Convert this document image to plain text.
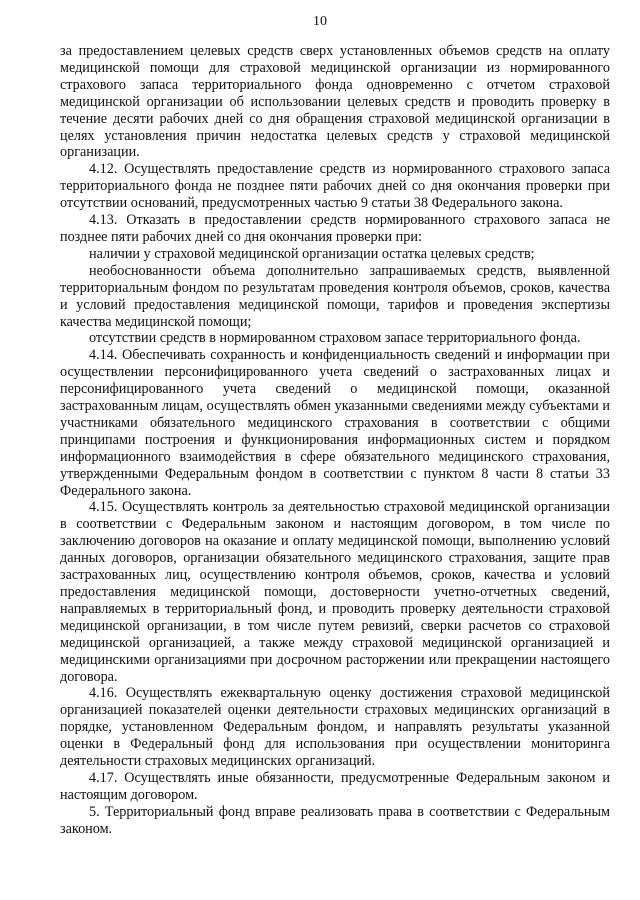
10

за предоставлением целевых средств сверх установленных объемов средств на оплату медицинской помощи для страховой медицинской организации из нормированного страхового запаса территориального фонда одновременно с отчетом страховой медицинской организации об использовании целевых средств и проводить проверку в течение десяти рабочих дней со дня обращения страховой медицинской организации в целях установления причин недостатка целевых средств у страховой медицинской организации.

4.12. Осуществлять предоставление средств из нормированного страхового запаса территориального фонда не позднее пяти рабочих дней со дня окончания проверки при отсутствии оснований, предусмотренных частью 9 статьи 38 Федерального закона.

4.13. Отказать в предоставлении средств нормированного страхового запаса не позднее пяти рабочих дней со дня окончания проверки при:

наличии у страховой медицинской организации остатка целевых средств;

необоснованности объема дополнительно запрашиваемых средств, выявленной территориальным фондом по результатам проведения контроля объемов, сроков, качества и условий предоставления медицинской помощи, тарифов и проведения экспертизы качества медицинской помощи;

отсутствии средств в нормированном страховом запасе территориального фонда.

4.14. Обеспечивать сохранность и конфиденциальность сведений и информации при осуществлении персонифицированного учета сведений о застрахованных лицах и персонифицированного учета сведений о медицинской помощи, оказанной застрахованным лицам, осуществлять обмен указанными сведениями между субъектами и участниками обязательного медицинского страхования в соответствии с общими принципами построения и функционирования информационных систем и порядком информационного взаимодействия в сфере обязательного медицинского страхования, утвержденными Федеральным фондом в соответствии с пунктом 8 части 8 статьи 33 Федерального закона.

4.15. Осуществлять контроль за деятельностью страховой медицинской организации в соответствии с Федеральным законом и настоящим договором, в том числе по заключению договоров на оказание и оплату медицинской помощи, выполнению условий данных договоров, организации обязательного медицинского страхования, защите прав застрахованных лиц, осуществлению контроля объемов, сроков, качества и условий предоставления медицинской помощи, достоверности учетно-отчетных сведений, направляемых в территориальный фонд, и проводить проверку деятельности страховой медицинской организации, в том числе путем ревизий, сверки расчетов со страховой медицинской организацией, а также между страховой медицинской организацией и медицинскими организациями при досрочном расторжении или прекращении настоящего договора.

4.16. Осуществлять ежеквартальную оценку достижения страховой медицинской организацией показателей оценки деятельности страховых медицинских организаций в порядке, установленном Федеральным фондом, и направлять результаты указанной оценки в Федеральный фонд для использования при осуществлении мониторинга деятельности страховых медицинских организаций.

4.17. Осуществлять иные обязанности, предусмотренные Федеральным законом и настоящим договором.

5. Территориальный фонд вправе реализовать права в соответствии с Федеральным законом.
